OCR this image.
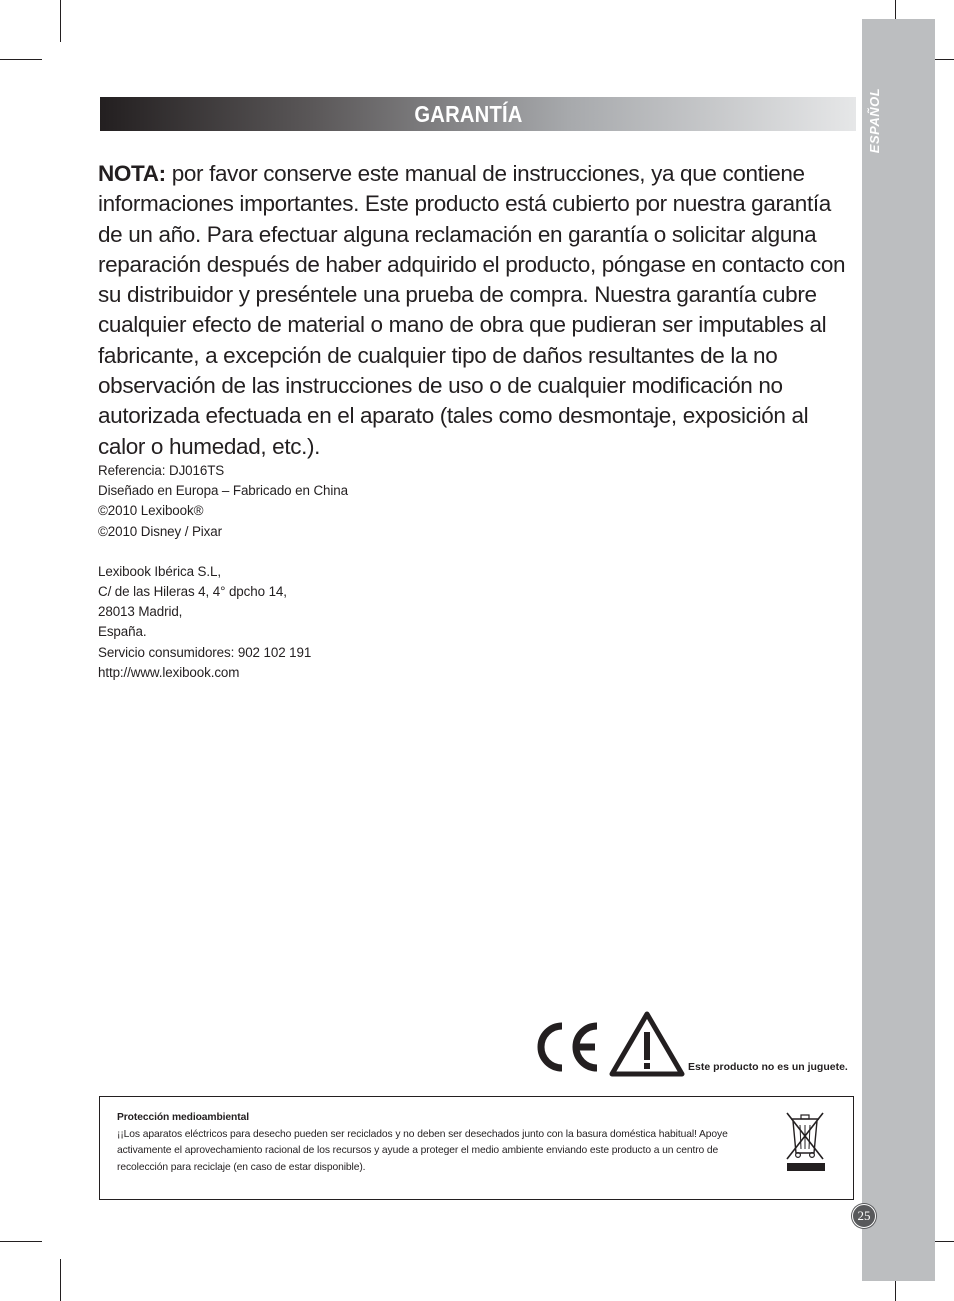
ESPAÑOL
GARANTÍA

NOTA: por favor conserve este manual de instrucciones, ya que contiene informaciones importantes. Este producto está cubierto por nuestra garantía de un año. Para efectuar alguna reclamación en garantía o solicitar alguna reparación después de haber adquirido el producto, póngase en contacto con su distribuidor y preséntele una prueba de compra. Nuestra garantía cubre cualquier efecto de material o mano de obra que pudieran ser imputables al fabricante, a excepción de cualquier tipo de daños resultantes de la no observación de las instrucciones de uso o de cualquier modificación no autorizada efectuada en el aparato (tales como desmontaje, exposición al calor o humedad, etc.).

Referencia: DJ016TS
Diseñado en Europa – Fabricado en China
©2010 Lexibook®
©2010 Disney / Pixar
Lexibook Ibérica S.L,
C/ de las Hileras 4, 4° dpcho 14,
28013 Madrid,
España.
Servicio consumidores: 902 102 191
http://www.lexibook.com
Este producto no es un juguete.
Protección medioambiental
¡¡Los aparatos eléctricos para desecho pueden ser reciclados y no deben ser desechados junto con la basura doméstica habitual! Apoye activamente el aprovechamiento racional de los recursos y ayude a proteger el medio ambiente enviando este producto a un centro de recolección para reciclaje (en caso de estar disponible).
25
